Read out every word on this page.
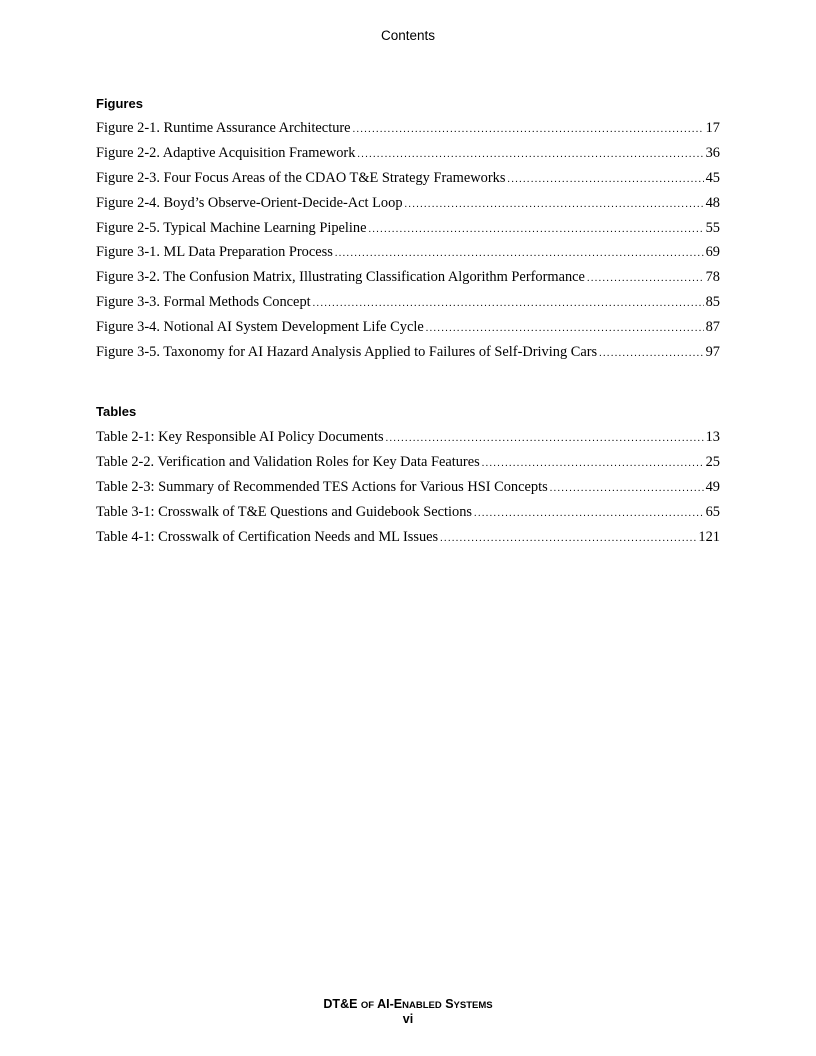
Contents
Figures
Figure 2-1. Runtime Assurance Architecture .....	17
Figure 2-2. Adaptive Acquisition Framework .....	36
Figure 2-3. Four Focus Areas of the CDAO T&E Strategy Frameworks .....	45
Figure 2-4. Boyd’s Observe-Orient-Decide-Act Loop .....	48
Figure 2-5. Typical Machine Learning Pipeline .....	55
Figure 3-1. ML Data Preparation Process .....	69
Figure 3-2. The Confusion Matrix, Illustrating Classification Algorithm Performance .....	78
Figure 3-3. Formal Methods Concept .....	85
Figure 3-4. Notional AI System Development Life Cycle .....	87
Figure 3-5. Taxonomy for AI Hazard Analysis Applied to Failures of Self-Driving Cars .....	97
Tables
Table 2-1: Key Responsible AI Policy Documents .....	13
Table 2-2. Verification and Validation Roles for Key Data Features .....	25
Table 2-3: Summary of Recommended TES Actions for Various HSI Concepts .....	49
Table 3-1: Crosswalk of T&E Questions and Guidebook Sections .....	65
Table 4-1: Crosswalk of Certification Needs and ML Issues .....	121
DT&E OF AI-ENABLED SYSTEMS
vi
